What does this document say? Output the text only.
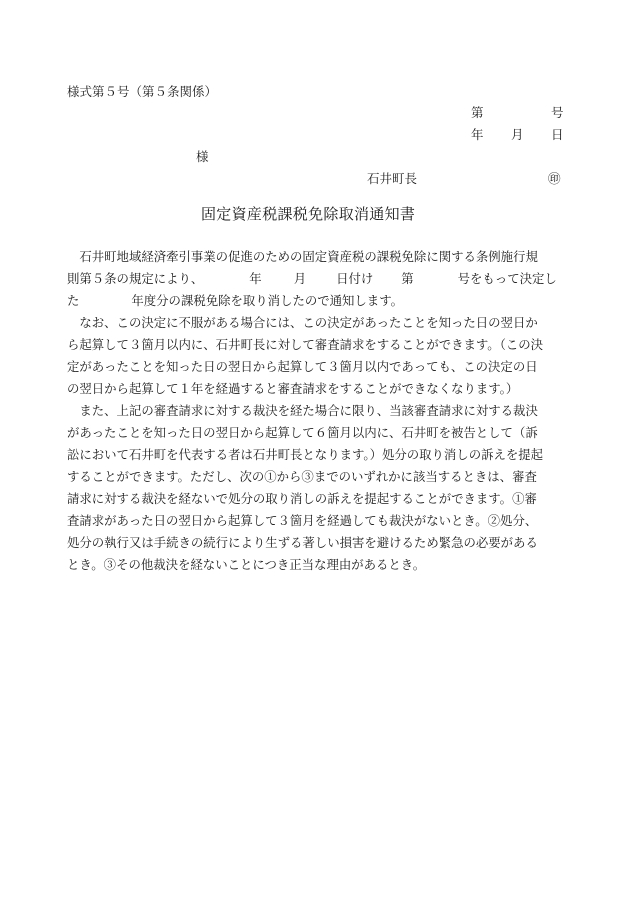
様式第５号（第５条関係）
第	号
年 月 日
様
石井町長	㊞
固定資産税課税免除取消通知書
　石井町地域経済牽引事業の促進のための固定資産税の課税免除に関する条例施行規
則第５条の規定により、	年	月 日付け 第	号をもって決定し
た	年度分の課税免除を取り消したので通知します。
　なお、この決定に不服がある場合には、この決定があったことを知った日の翌日か
ら起算して３箇月以内に、石井町長に対して審査請求をすることができます。（この決
定があったことを知った日の翌日から起算して３箇月以内であっても、この決定の日
の翌日から起算して１年を経過すると審査請求をすることができなくなります。）
　また、上記の審査請求に対する裁決を経た場合に限り、当該審査請求に対する裁決
があったことを知った日の翌日から起算して６箇月以内に、石井町を被告として（訴
訟において石井町を代表する者は石井町長となります。）処分の取り消しの訴えを提起
することができます。ただし、次の①から③までのいずれかに該当するときは、審査
請求に対する裁決を経ないで処分の取り消しの訴えを提起することができます。①審
査請求があった日の翌日から起算して３箇月を経過しても裁決がないとき。②処分、
処分の執行又は手続きの続行により生ずる著しい損害を避けるため緊急の必要がある
とき。③その他裁決を経ないことにつき正当な理由があるとき。
